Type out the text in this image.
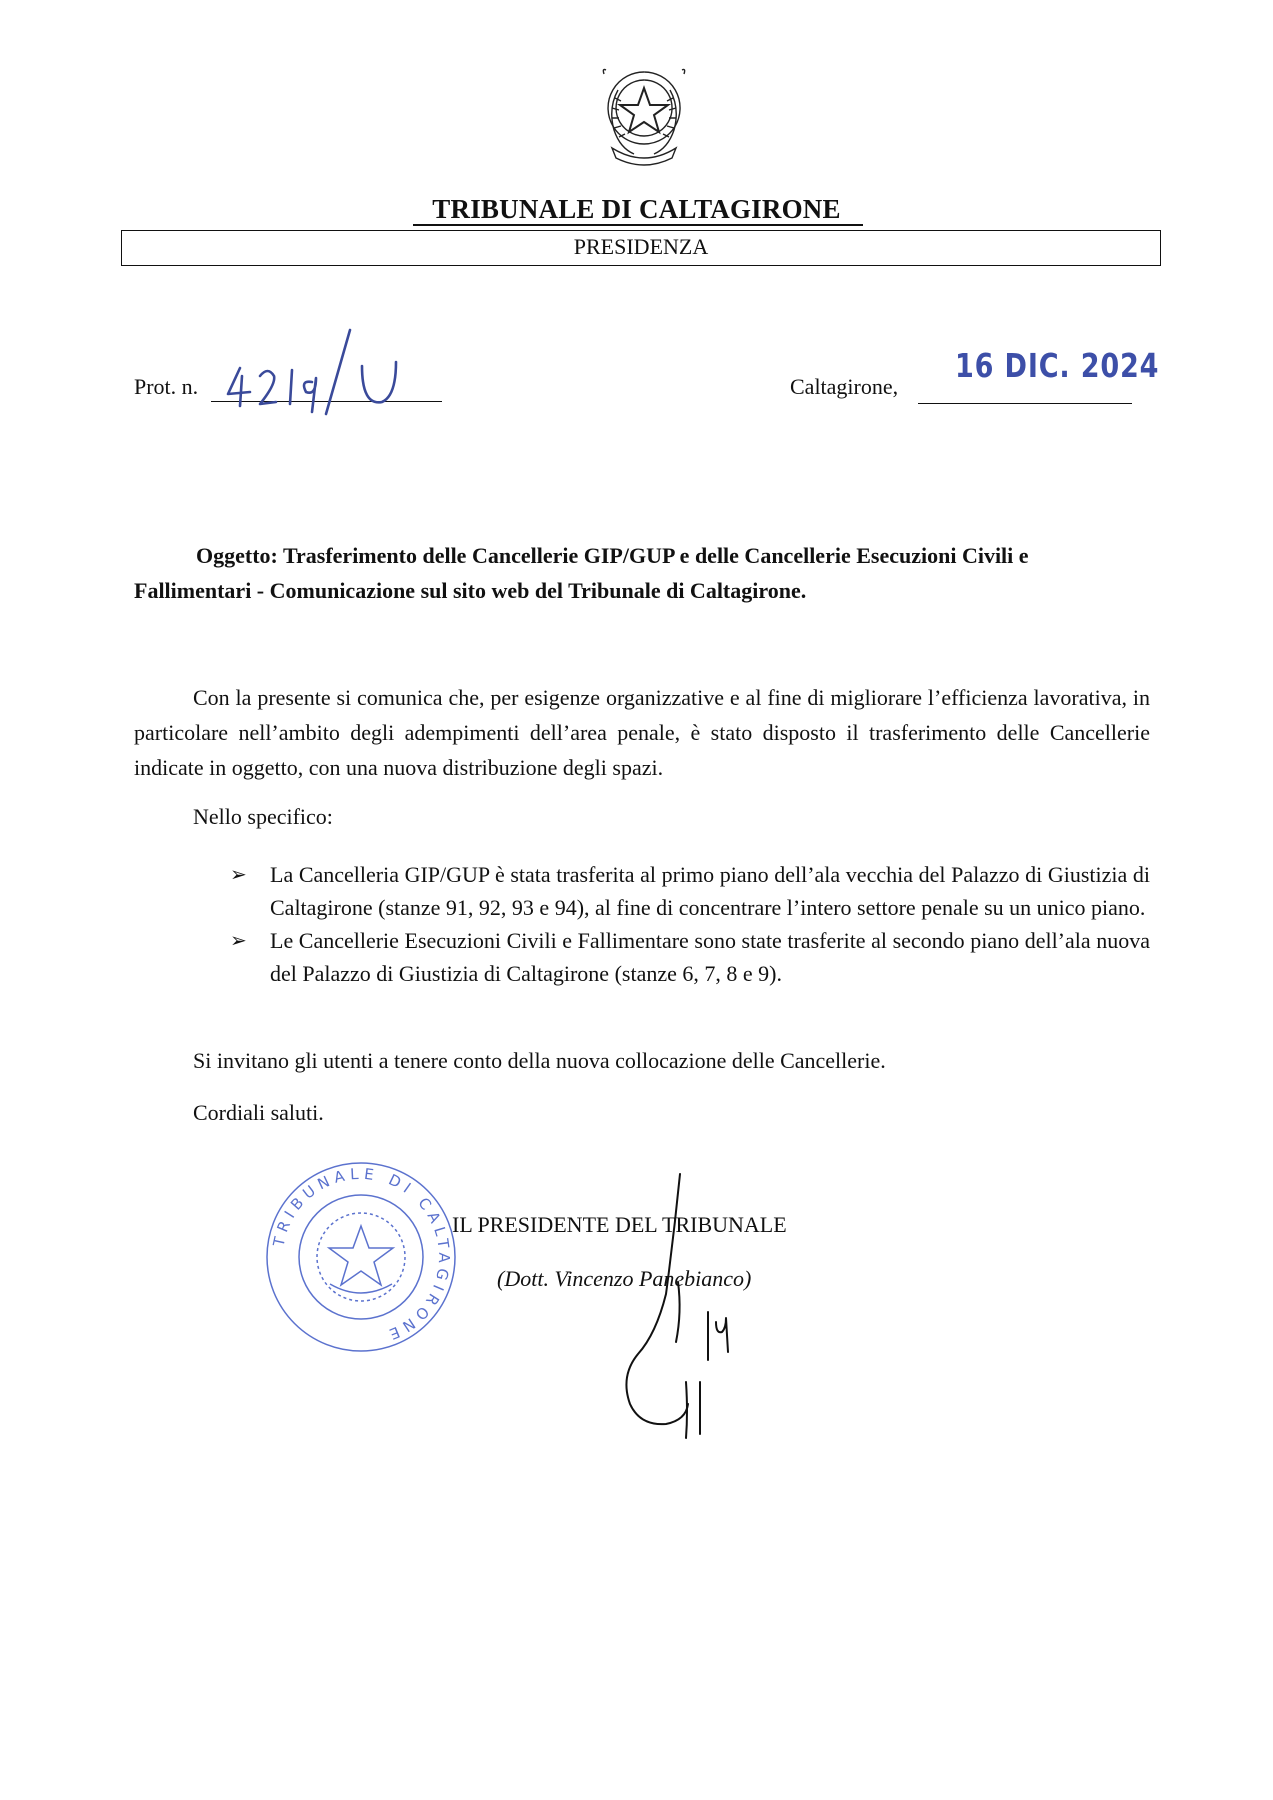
TRIBUNALE DI CALTAGIRONE
PRESIDENZA
Prot. n.	Caltagirone,
16 DIC. 2024
Oggetto: Trasferimento delle Cancellerie GIP/GUP e delle Cancellerie Esecuzioni Civili e Fallimentari - Comunicazione sul sito web del Tribunale di Caltagirone.

Con la presente si comunica che, per esigenze organizzative e al fine di migliorare l’efficienza lavorativa, in particolare nell’ambito degli adempimenti dell’area penale, è stato disposto il trasferimento delle Cancellerie indicate in oggetto, con una nuova distribuzione degli spazi.

Nello specifico:
➢ La Cancelleria GIP/GUP è stata trasferita al primo piano dell’ala vecchia del Palazzo di Giustizia di Caltagirone (stanze 91, 92, 93 e 94), al fine di concentrare l’intero settore penale su un unico piano.
➢ Le Cancellerie Esecuzioni Civili e Fallimentare sono state trasferite al secondo piano dell’ala nuova del Palazzo di Giustizia di Caltagirone (stanze 6, 7, 8 e 9).
Si invitano gli utenti a tenere conto della nuova collocazione delle Cancellerie.
Cordiali saluti.
TRIBUNALE DI CALTAGIRONE
IL PRESIDENTE DEL TRIBUNALE
(Dott. Vincenzo Panebianco)
